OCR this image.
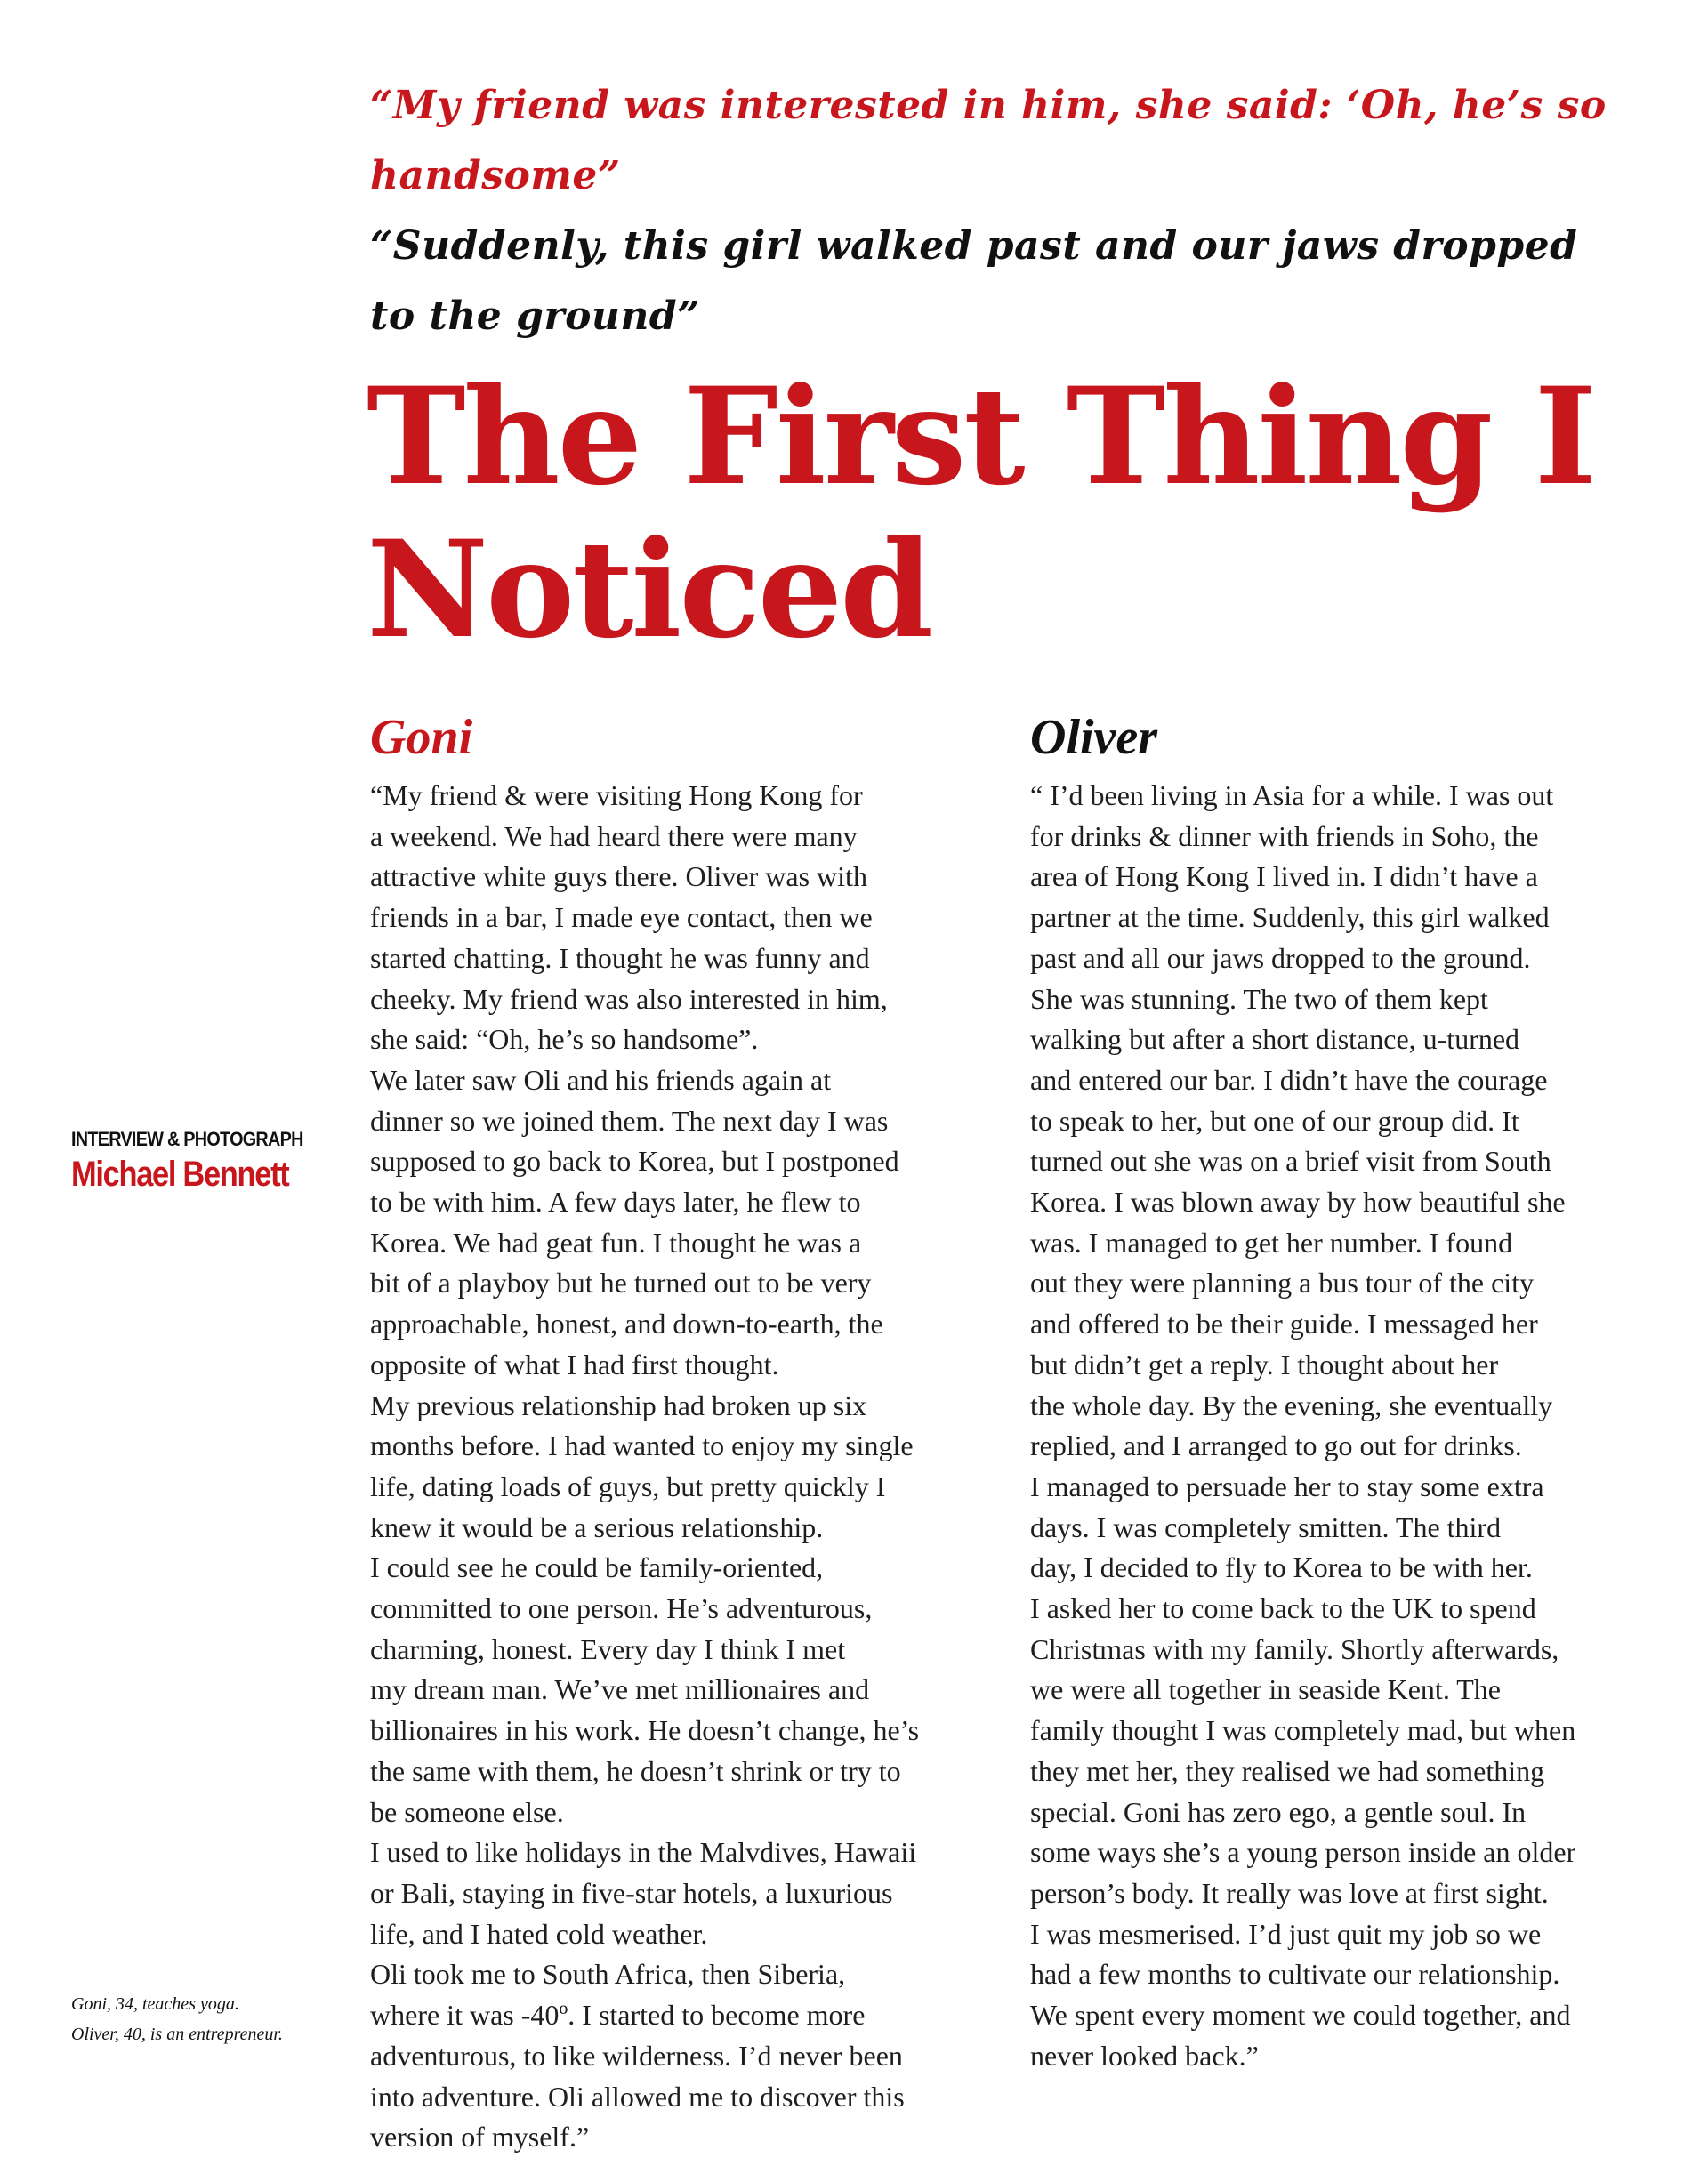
“My friend was interested in him, she said: ‘Oh, he’s so handsome”

“Suddenly, this girl walked past and our jaws dropped to the ground”

The First Thing I Noticed
INTERVIEW & PHOTOGRAPH
Michael Bennett
Goni	Oliver
“My friend & were visiting Hong Kong for
a weekend. We had heard there were many
attractive white guys there. Oliver was with
friends in a bar, I made eye contact, then we
started chatting. I thought he was funny and
cheeky. My friend was also interested in him,
she said: “Oh, he’s so handsome”.
We later saw Oli and his friends again at
dinner so we joined them. The next day I was
supposed to go back to Korea, but I postponed
to be with him. A few days later, he flew to
Korea. We had geat fun. I thought he was a
bit of a playboy but he turned out to be very
approachable, honest, and down-to-earth, the
opposite of what I had first thought.
My previous relationship had broken up six
months before. I had wanted to enjoy my single
life, dating loads of guys, but pretty quickly I
knew it would be a serious relationship.
I could see he could be family-oriented,
committed to one person. He’s adventurous,
charming, honest. Every day I think I met
my dream man. We’ve met millionaires and
billionaires in his work. He doesn’t change, he’s
the same with them, he doesn’t shrink or try to
be someone else.
I used to like holidays in the Malvdives, Hawaii
or Bali, staying in five-star hotels, a luxurious
life, and I hated cold weather.
Oli took me to South Africa, then Siberia,
where it was -40º. I started to become more
adventurous, to like wilderness. I’d never been
into adventure. Oli allowed me to discover this
version of myself.”
“ I’d been living in Asia for a while. I was out
for drinks & dinner with friends in Soho, the
area of Hong Kong I lived in. I didn’t have a
partner at the time. Suddenly, this girl walked
past and all our jaws dropped to the ground.
She was stunning. The two of them kept
walking but after a short distance, u-turned
and entered our bar. I didn’t have the courage
to speak to her, but one of our group did. It
turned out she was on a brief visit from South
Korea. I was blown away by how beautiful she
was. I managed to get her number. I found
out they were planning a bus tour of the city
and offered to be their guide. I messaged her
but didn’t get a reply. I thought about her
the whole day. By the evening, she eventually
replied, and I arranged to go out for drinks.
I managed to persuade her to stay some extra
days. I was completely smitten. The third
day, I decided to fly to Korea to be with her.
I asked her to come back to the UK to spend
Christmas with my family. Shortly afterwards,
we were all together in seaside Kent. The
family thought I was completely mad, but when
they met her, they realised we had something
special. Goni has zero ego, a gentle soul. In
some ways she’s a young person inside an older
person’s body. It really was love at first sight.
I was mesmerised. I’d just quit my job so we
had a few months to cultivate our relationship.
We spent every moment we could together, and
never looked back.”
Goni, 34, teaches yoga.
Oliver, 40, is an entrepreneur.
